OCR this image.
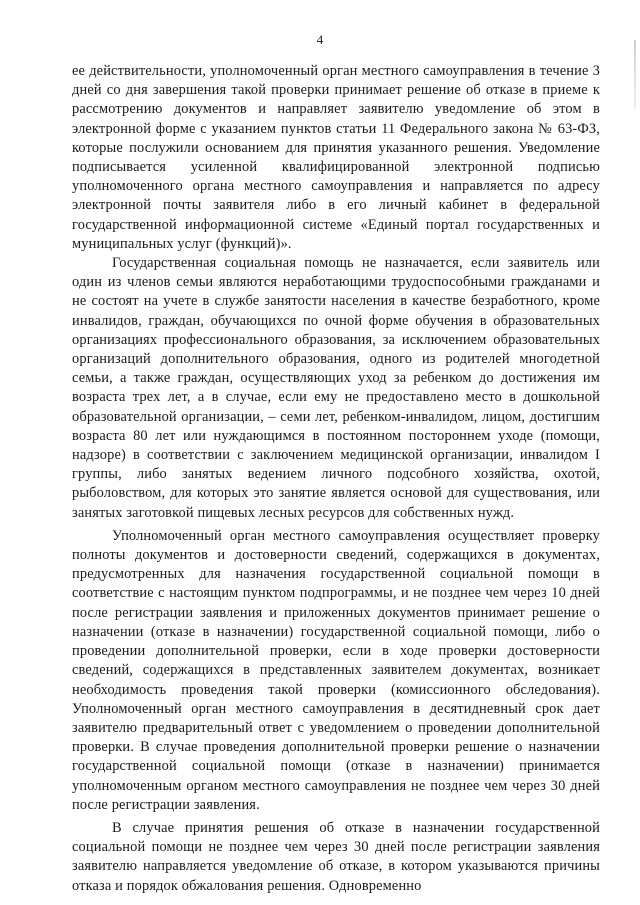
4

ее действительности, уполномоченный орган местного самоуправления в течение 3 дней со дня завершения такой проверки принимает решение об отказе в приеме к рассмотрению документов и направляет заявителю уведомление об этом в электронной форме с указанием пунктов статьи 11 Федерального закона № 63-ФЗ, которые послужили основанием для принятия указанного решения. Уведомление подписывается усиленной квалифицированной электронной подписью уполномоченного органа местного самоуправления и направляется по адресу электронной почты заявителя либо в его личный кабинет в федеральной государственной информационной системе «Единый портал государственных и муниципальных услуг (функций)».

Государственная социальная помощь не назначается, если заявитель или один из членов семьи являются неработающими трудоспособными гражданами и не состоят на учете в службе занятости населения в качестве безработного, кроме инвалидов, граждан, обучающихся по очной форме обучения в образовательных организациях профессионального образования, за исключением образовательных организаций дополнительного образования, одного из родителей многодетной семьи, а также граждан, осуществляющих уход за ребенком до достижения им возраста трех лет, а в случае, если ему не предоставлено место в дошкольной образовательной организации, – семи лет, ребенком-инвалидом, лицом, достигшим возраста 80 лет или нуждающимся в постоянном постороннем уходе (помощи, надзоре) в соответствии с заключением медицинской организации, инвалидом I группы, либо занятых ведением личного подсобного хозяйства, охотой, рыболовством, для которых это занятие является основой для существования, или занятых заготовкой пищевых лесных ресурсов для собственных нужд.

Уполномоченный орган местного самоуправления осуществляет проверку полноты документов и достоверности сведений, содержащихся в документах, предусмотренных для назначения государственной социальной помощи в соответствие с настоящим пунктом подпрограммы, и не позднее чем через 10 дней после регистрации заявления и приложенных документов принимает решение о назначении (отказе в назначении) государственной социальной помощи, либо о проведении дополнительной проверки, если в ходе проверки достоверности сведений, содержащихся в представленных заявителем документах, возникает необходимость проведения такой проверки (комиссионного обследования). Уполномоченный орган местного самоуправления в десятидневный срок дает заявителю предварительный ответ с уведомлением о проведении дополнительной проверки. В случае проведения дополнительной проверки решение о назначении государственной социальной помощи (отказе в назначении) принимается уполномоченным органом местного самоуправления не позднее чем через 30 дней после регистрации заявления.

В случае принятия решения об отказе в назначении государственной социальной помощи не позднее чем через 30 дней после регистрации заявления заявителю направляется уведомление об отказе, в котором указываются причины отказа и порядок обжалования решения. Одновременно
